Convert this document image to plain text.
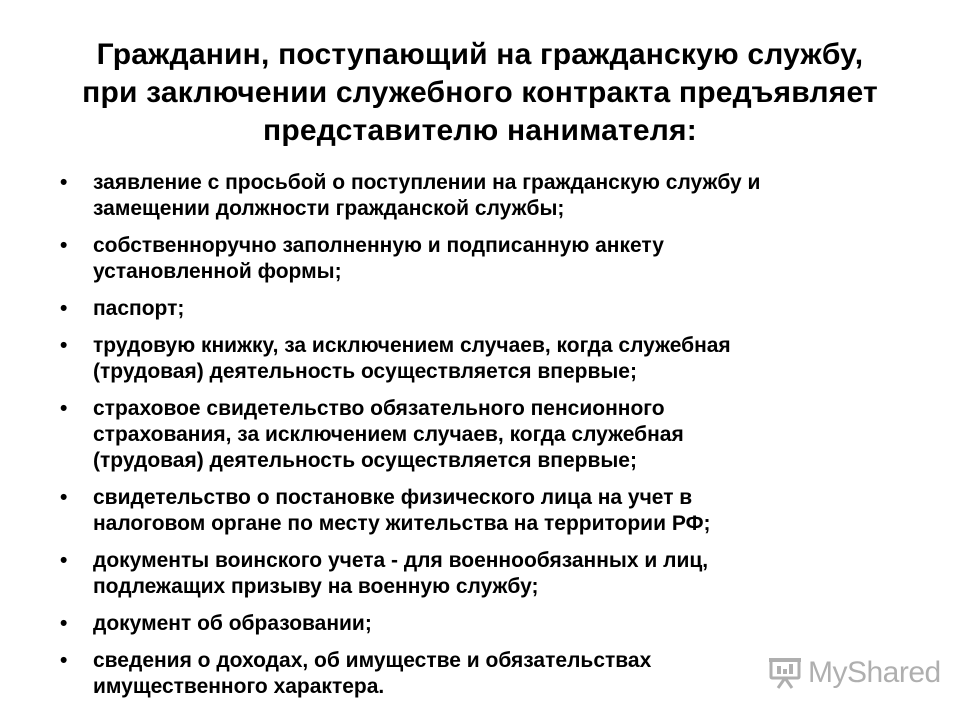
Гражданин, поступающий на гражданскую службу,
при заключении служебного контракта предъявляет
представителю нанимателя:
•	заявление с просьбой о поступлении на гражданскую службу и
замещении должности гражданской службы;
•	собственноручно заполненную и подписанную анкету
установленной формы;
•	паспорт;
•	трудовую книжку, за исключением случаев, когда служебная
(трудовая) деятельность осуществляется впервые;
•	страховое свидетельство обязательного пенсионного
страхования, за исключением случаев, когда служебная
(трудовая) деятельность осуществляется впервые;
•	свидетельство о постановке физического лица на учет в
налоговом органе по месту жительства на территории РФ;
•	документы воинского учета - для военнообязанных и лиц,
подлежащих призыву на военную службу;
•	документ об образовании;
•	сведения о доходах, об имуществе и обязательствах
имущественного характера.	MyShared
